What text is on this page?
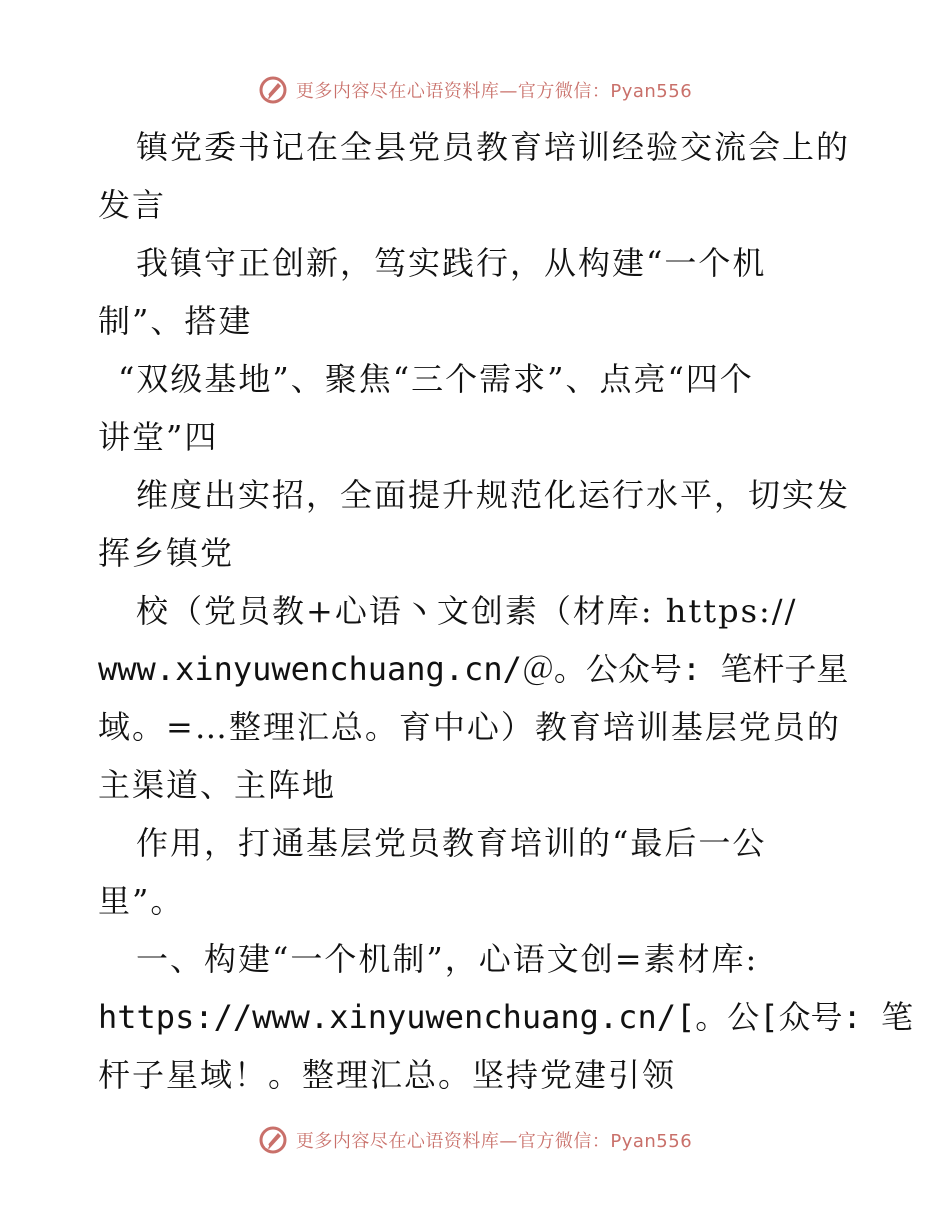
更多内容尽在心语资料库—官方微信：Pyan556
镇党委书记在全县党员教育培训经验交流会上的
发言
我镇守正创新，笃实践行，从构建“一个机
制”、搭建
“双级基地”、聚焦“三个需求”、点亮“四个
讲堂”四
维度出实招，全面提升规范化运行水平，切实发
挥乡镇党
校（党员教+心语丶文创素（材库: https://
www.xinyuwenchuang.cn/＠。公众号: 笔杆子星
域。=…整理汇总。育中心）教育培训基层党员的
主渠道、主阵地
作用，打通基层党员教育培训的“最后一公
里”。
一、构建“一个机制”，心语文创=素材库:
https://www.xinyuwenchuang.cn/[。公[众号: 笔
杆子星域！。整理汇总。坚持党建引领
更多内容尽在心语资料库—官方微信：Pyan556
